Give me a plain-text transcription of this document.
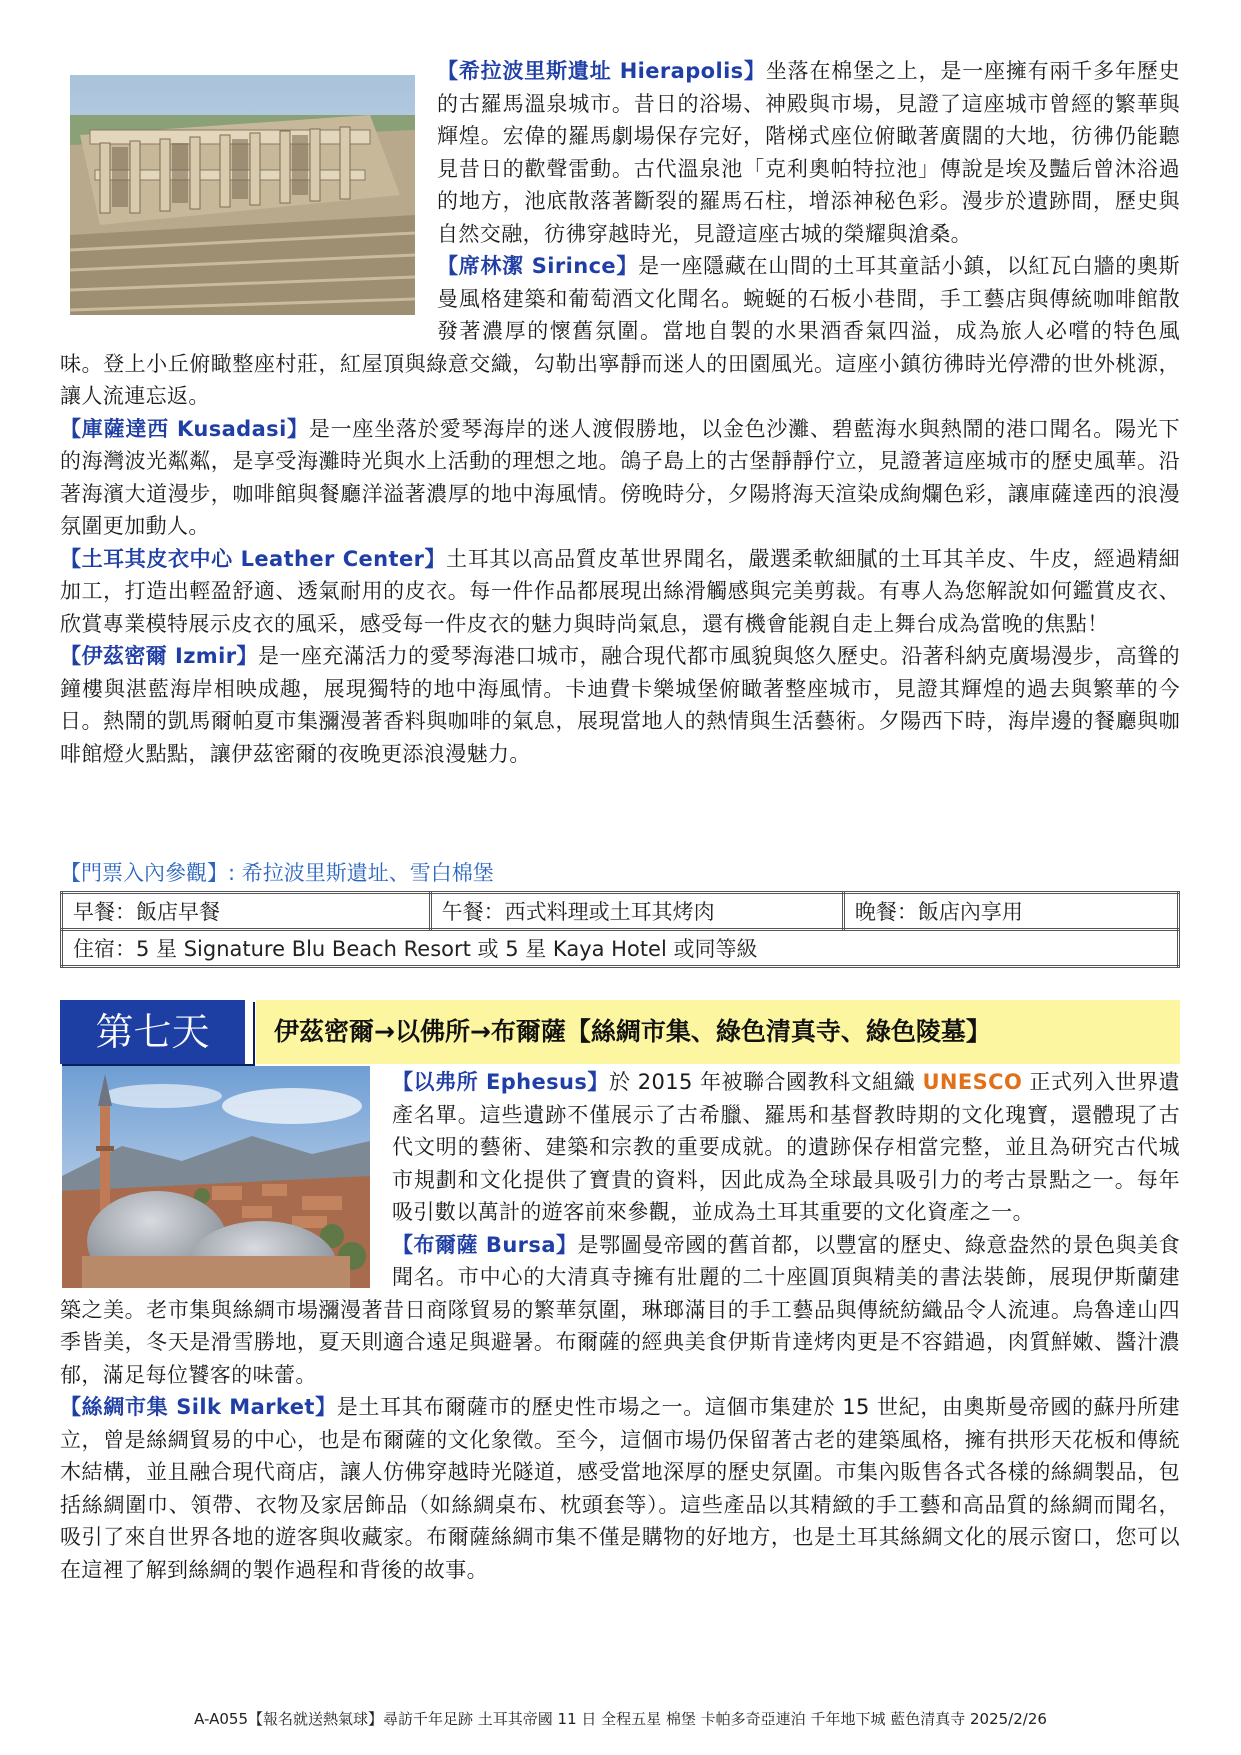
【希拉波里斯遺址 Hierapolis】坐落在棉堡之上，是一座擁有兩千多年歷史的古羅馬溫泉城市。昔日的浴場、神殿與市場，見證了這座城市曾經的繁華與輝煌。宏偉的羅馬劇場保存完好，階梯式座位俯瞰著廣闊的大地，彷彿仍能聽見昔日的歡聲雷動。古代溫泉池「克利奧帕特拉池」傳說是埃及豔后曾沐浴過的地方，池底散落著斷裂的羅馬石柱，增添神秘色彩。漫步於遺跡間，歷史與自然交融，彷彿穿越時光，見證這座古城的榮耀與滄桑。

【席林潔 Sirince】是一座隱藏在山間的土耳其童話小鎮，以紅瓦白牆的奧斯曼風格建築和葡萄酒文化聞名。蜿蜒的石板小巷間，手工藝店與傳統咖啡館散發著濃厚的懷舊氛圍。當地自製的水果酒香氣四溢，成為旅人必嚐的特色風味。登上小丘俯瞰整座村莊，紅屋頂與綠意交織，勾勒出寧靜而迷人的田園風光。這座小鎮彷彿時光停滯的世外桃源，讓人流連忘返。

【庫薩達西 Kusadasi】是一座坐落於愛琴海岸的迷人渡假勝地，以金色沙灘、碧藍海水與熱鬧的港口聞名。陽光下的海灣波光粼粼，是享受海灘時光與水上活動的理想之地。鴿子島上的古堡靜靜佇立，見證著這座城市的歷史風華。沿著海濱大道漫步，咖啡館與餐廳洋溢著濃厚的地中海風情。傍晚時分，夕陽將海天渲染成絢爛色彩，讓庫薩達西的浪漫氛圍更加動人。

【土耳其皮衣中心 Leather Center】土耳其以高品質皮革世界聞名，嚴選柔軟細膩的土耳其羊皮、牛皮，經過精細加工，打造出輕盈舒適、透氣耐用的皮衣。每一件作品都展現出絲滑觸感與完美剪裁。有專人為您解說如何鑑賞皮衣、欣賞專業模特展示皮衣的風采，感受每一件皮衣的魅力與時尚氣息，還有機會能親自走上舞台成為當晚的焦點！

【伊茲密爾 Izmir】是一座充滿活力的愛琴海港口城市，融合現代都市風貌與悠久歷史。沿著科納克廣場漫步，高聳的鐘樓與湛藍海岸相映成趣，展現獨特的地中海風情。卡迪費卡樂城堡俯瞰著整座城市，見證其輝煌的過去與繁華的今日。熱鬧的凱馬爾帕夏市集瀰漫著香料與咖啡的氣息，展現當地人的熱情與生活藝術。夕陽西下時，海岸邊的餐廳與咖啡館燈火點點，讓伊茲密爾的夜晚更添浪漫魅力。

【門票入內參觀】: 希拉波里斯遺址、雪白棉堡
早餐：飯店早餐	午餐：西式料理或土耳其烤肉	晚餐：飯店內享用
住宿：5 星 Signature Blu Beach Resort 或 5 星 Kaya Hotel 或同等級
第七天	伊茲密爾→以佛所→布爾薩【絲綢市集、綠色清真寺、綠色陵墓】

【以弗所 Ephesus】於 2015 年被聯合國教科文組織 UNESCO 正式列入世界遺產名單。這些遺跡不僅展示了古希臘、羅馬和基督教時期的文化瑰寶，還體現了古代文明的藝術、建築和宗教的重要成就。的遺跡保存相當完整，並且為研究古代城市規劃和文化提供了寶貴的資料，因此成為全球最具吸引力的考古景點之一。每年吸引數以萬計的遊客前來參觀，並成為土耳其重要的文化資產之一。

【布爾薩 Bursa】是鄂圖曼帝國的舊首都，以豐富的歷史、綠意盎然的景色與美食聞名。市中心的大清真寺擁有壯麗的二十座圓頂與精美的書法裝飾，展現伊斯蘭建築之美。老市集與絲綢市場瀰漫著昔日商隊貿易的繁華氛圍，琳瑯滿目的手工藝品與傳統紡織品令人流連。烏魯達山四季皆美，冬天是滑雪勝地，夏天則適合遠足與避暑。布爾薩的經典美食伊斯肯達烤肉更是不容錯過，肉質鮮嫩、醬汁濃郁，滿足每位饕客的味蕾。

【絲綢市集 Silk Market】是土耳其布爾薩市的歷史性市場之一。這個市集建於 15 世紀，由奧斯曼帝國的蘇丹所建立，曾是絲綢貿易的中心，也是布爾薩的文化象徵。至今，這個市場仍保留著古老的建築風格，擁有拱形天花板和傳統木結構，並且融合現代商店，讓人仿佛穿越時光隧道，感受當地深厚的歷史氛圍。市集內販售各式各樣的絲綢製品，包括絲綢圍巾、領帶、衣物及家居飾品（如絲綢桌布、枕頭套等）。這些產品以其精緻的手工藝和高品質的絲綢而聞名，吸引了來自世界各地的遊客與收藏家。布爾薩絲綢市集不僅是購物的好地方，也是土耳其絲綢文化的展示窗口，您可以在這裡了解到絲綢的製作過程和背後的故事。

A-A055【報名就送熱氣球】尋訪千年足跡 土耳其帝國 11 日 全程五星 棉堡 卡帕多奇亞連泊 千年地下城 藍色清真寺 2025/2/26
